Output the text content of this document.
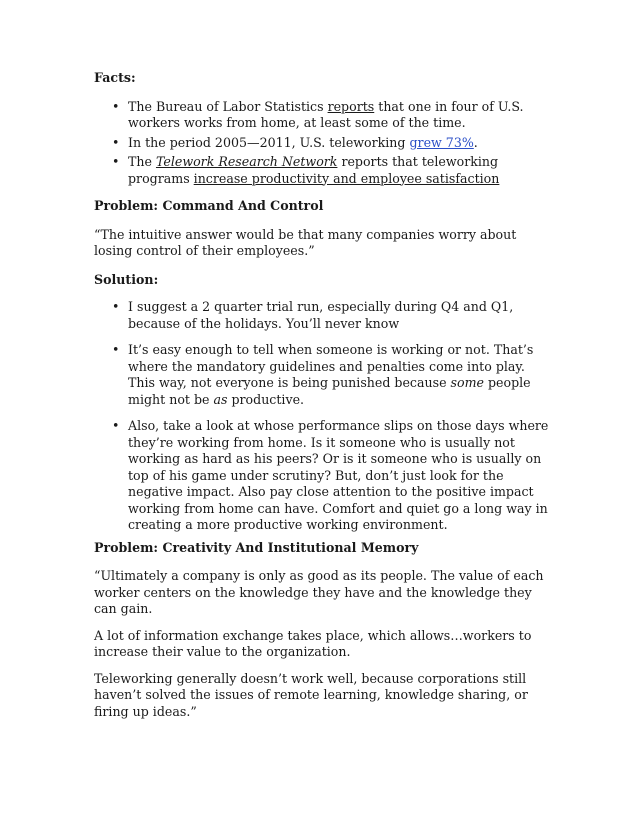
Facts:

• The Bureau of Labor Statistics reports that one in four of U.S. workers works from home, at least some of the time.
• In the period 2005—2011, U.S. teleworking grew 73%.
• The Telework Research Network reports that teleworking programs increase productivity and employee satisfaction

Problem: Command And Control

“The intuitive answer would be that many companies worry about losing control of their employees.”

Solution:

• I suggest a 2 quarter trial run, especially during Q4 and Q1, because of the holidays. You’ll never know
• It’s easy enough to tell when someone is working or not. That’s where the mandatory guidelines and penalties come into play. This way, not everyone is being punished because some people might not be as productive.
• Also, take a look at whose performance slips on those days where they’re working from home. Is it someone who is usually not working as hard as his peers? Or is it someone who is usually on top of his game under scrutiny? But, don’t just look for the negative impact. Also pay close attention to the positive impact working from home can have. Comfort and quiet go a long way in creating a more productive working environment.

Problem: Creativity And Institutional Memory

“Ultimately a company is only as good as its people. The value of each worker centers on the knowledge they have and the knowledge they can gain.

A lot of information exchange takes place, which allows…workers to increase their value to the organization.

Teleworking generally doesn’t work well, because corporations still haven’t solved the issues of remote learning, knowledge sharing, or firing up ideas.”
